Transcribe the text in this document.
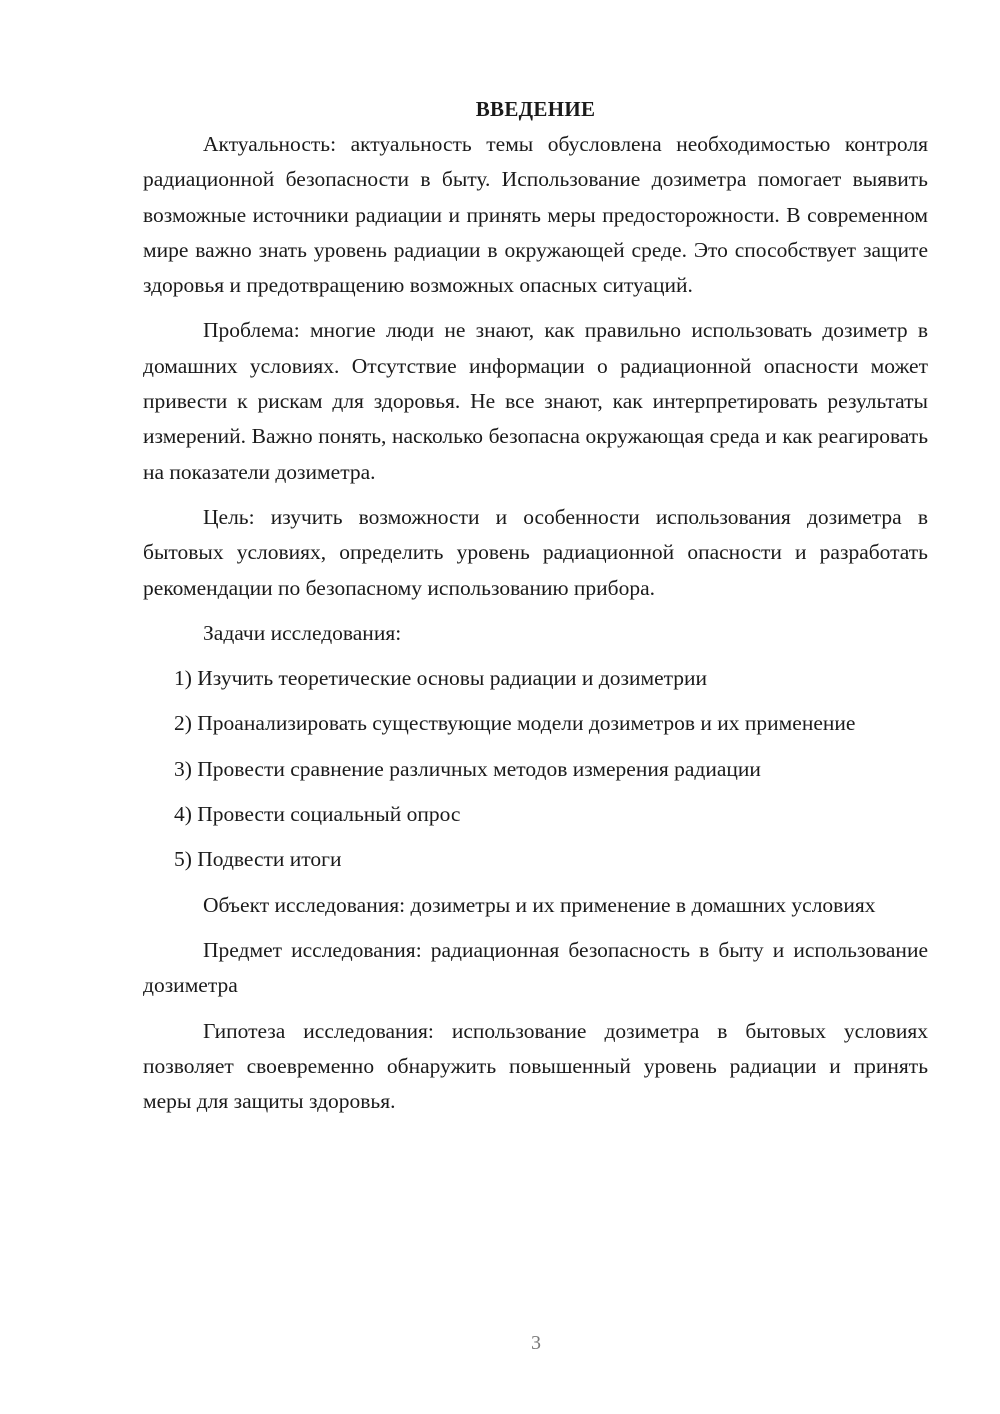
ВВЕДЕНИЕ

Актуальность: актуальность темы обусловлена необходимостью контроля радиационной безопасности в быту. Использование дозиметра помогает выявить возможные источники радиации и принять меры предосторожности. В современном мире важно знать уровень радиации в окружающей среде. Это способствует защите здоровья и предотвращению возможных опасных ситуаций.

Проблема: многие люди не знают, как правильно использовать дозиметр в домашних условиях. Отсутствие информации о радиационной опасности может привести к рискам для здоровья. Не все знают, как интерпретировать результаты измерений. Важно понять, насколько безопасна окружающая среда и как реагировать на показатели дозиметра.

Цель: изучить возможности и особенности использования дозиметра в бытовых условиях, определить уровень радиационной опасности и разработать рекомендации по безопасному использованию прибора.

Задачи исследования:

1) Изучить теоретические основы радиации и дозиметрии

2) Проанализировать существующие модели дозиметров и их применение

3) Провести сравнение различных методов измерения радиации

4) Провести социальный опрос

5) Подвести итоги

Объект исследования: дозиметры и их применение в домашних условиях

Предмет исследования: радиационная безопасность в быту и использование дозиметра

Гипотеза исследования: использование дозиметра в бытовых условиях позволяет своевременно обнаружить повышенный уровень радиации и принять меры для защиты здоровья.

3
